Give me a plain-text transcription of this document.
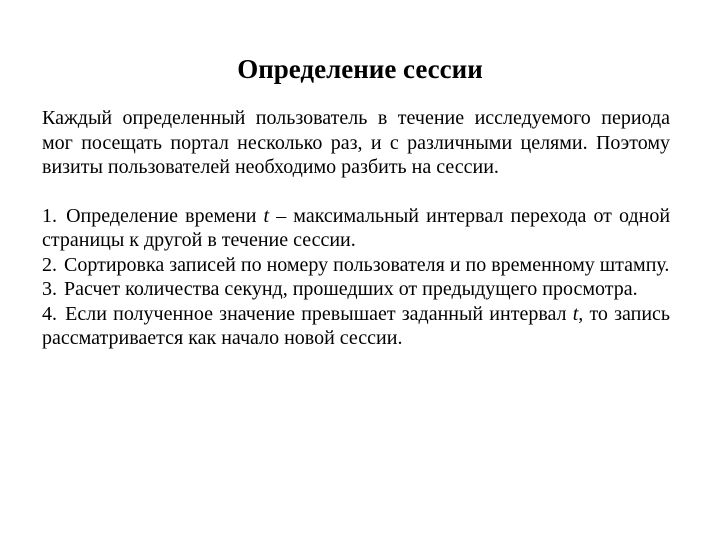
Определение сессии

Каждый определенный пользователь в течение исследуемого периода мог посещать портал несколько раз, и с различными целями. Поэтому визиты пользователей необходимо разбить на сессии.

1. Определение времени t – максимальный интервал перехода от одной страницы к другой в течение сессии.

2. Сортировка записей по номеру пользователя и по временному штампу.

3. Расчет количества секунд, прошедших от предыдущего просмотра.

4. Если полученное значение превышает заданный интервал t, то запись рассматривается как начало новой сессии.
